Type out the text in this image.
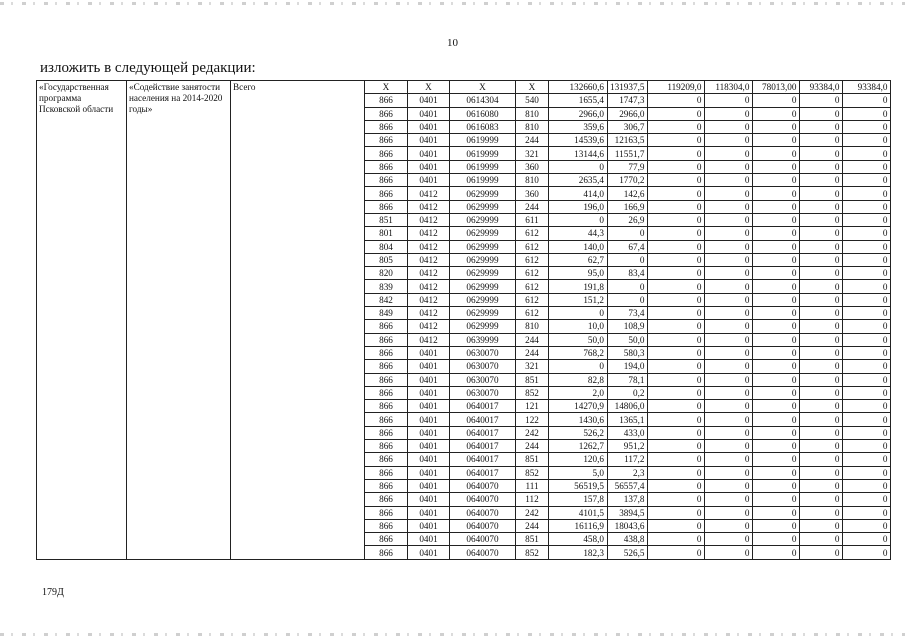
10
изложить в следующей редакции:
«Государственная программа Псковской области	«Содействие занятости населения на 2014-2020 годы»	Всего	X	X	X	X	132660,6	131937,5	119209,0	118304,0	78013,00	93384,0	93384,0
			866	0401	0614304	540	1655,4	1747,3	0	0	0	0	0
			866	0401	0616080	810	2966,0	2966,0	0	0	0	0	0
			866	0401	0616083	810	359,6	306,7	0	0	0	0	0
			866	0401	0619999	244	14539,6	12163,5	0	0	0	0	0
			866	0401	0619999	321	13144,6	11551,7	0	0	0	0	0
			866	0401	0619999	360	0	77,9	0	0	0	0	0
			866	0401	0619999	810	2635,4	1770,2	0	0	0	0	0
			866	0412	0629999	360	414,0	142,6	0	0	0	0	0
			866	0412	0629999	244	196,0	166,9	0	0	0	0	0
			851	0412	0629999	611	0	26,9	0	0	0	0	0
			801	0412	0629999	612	44,3	0	0	0	0	0	0
			804	0412	0629999	612	140,0	67,4	0	0	0	0	0
			805	0412	0629999	612	62,7	0	0	0	0	0	0
			820	0412	0629999	612	95,0	83,4	0	0	0	0	0
			839	0412	0629999	612	191,8	0	0	0	0	0	0
			842	0412	0629999	612	151,2	0	0	0	0	0	0
			849	0412	0629999	612	0	73,4	0	0	0	0	0
			866	0412	0629999	810	10,0	108,9	0	0	0	0	0
			866	0412	0639999	244	50,0	50,0	0	0	0	0	0
			866	0401	0630070	244	768,2	580,3	0	0	0	0	0
			866	0401	0630070	321	0	194,0	0	0	0	0	0
			866	0401	0630070	851	82,8	78,1	0	0	0	0	0
			866	0401	0630070	852	2,0	0,2	0	0	0	0	0
			866	0401	0640017	121	14270,9	14806,0	0	0	0	0	0
			866	0401	0640017	122	1430,6	1365,1	0	0	0	0	0
			866	0401	0640017	242	526,2	433,0	0	0	0	0	0
			866	0401	0640017	244	1262,7	951,2	0	0	0	0	0
			866	0401	0640017	851	120,6	117,2	0	0	0	0	0
			866	0401	0640017	852	5,0	2,3	0	0	0	0	0
			866	0401	0640070	111	56519,5	56557,4	0	0	0	0	0
			866	0401	0640070	112	157,8	137,8	0	0	0	0	0
			866	0401	0640070	242	4101,5	3894,5	0	0	0	0	0
			866	0401	0640070	244	16116,9	18043,6	0	0	0	0	0
			866	0401	0640070	851	458,0	438,8	0	0	0	0	0
			866	0401	0640070	852	182,3	526,5	0	0	0	0	0
179Д
